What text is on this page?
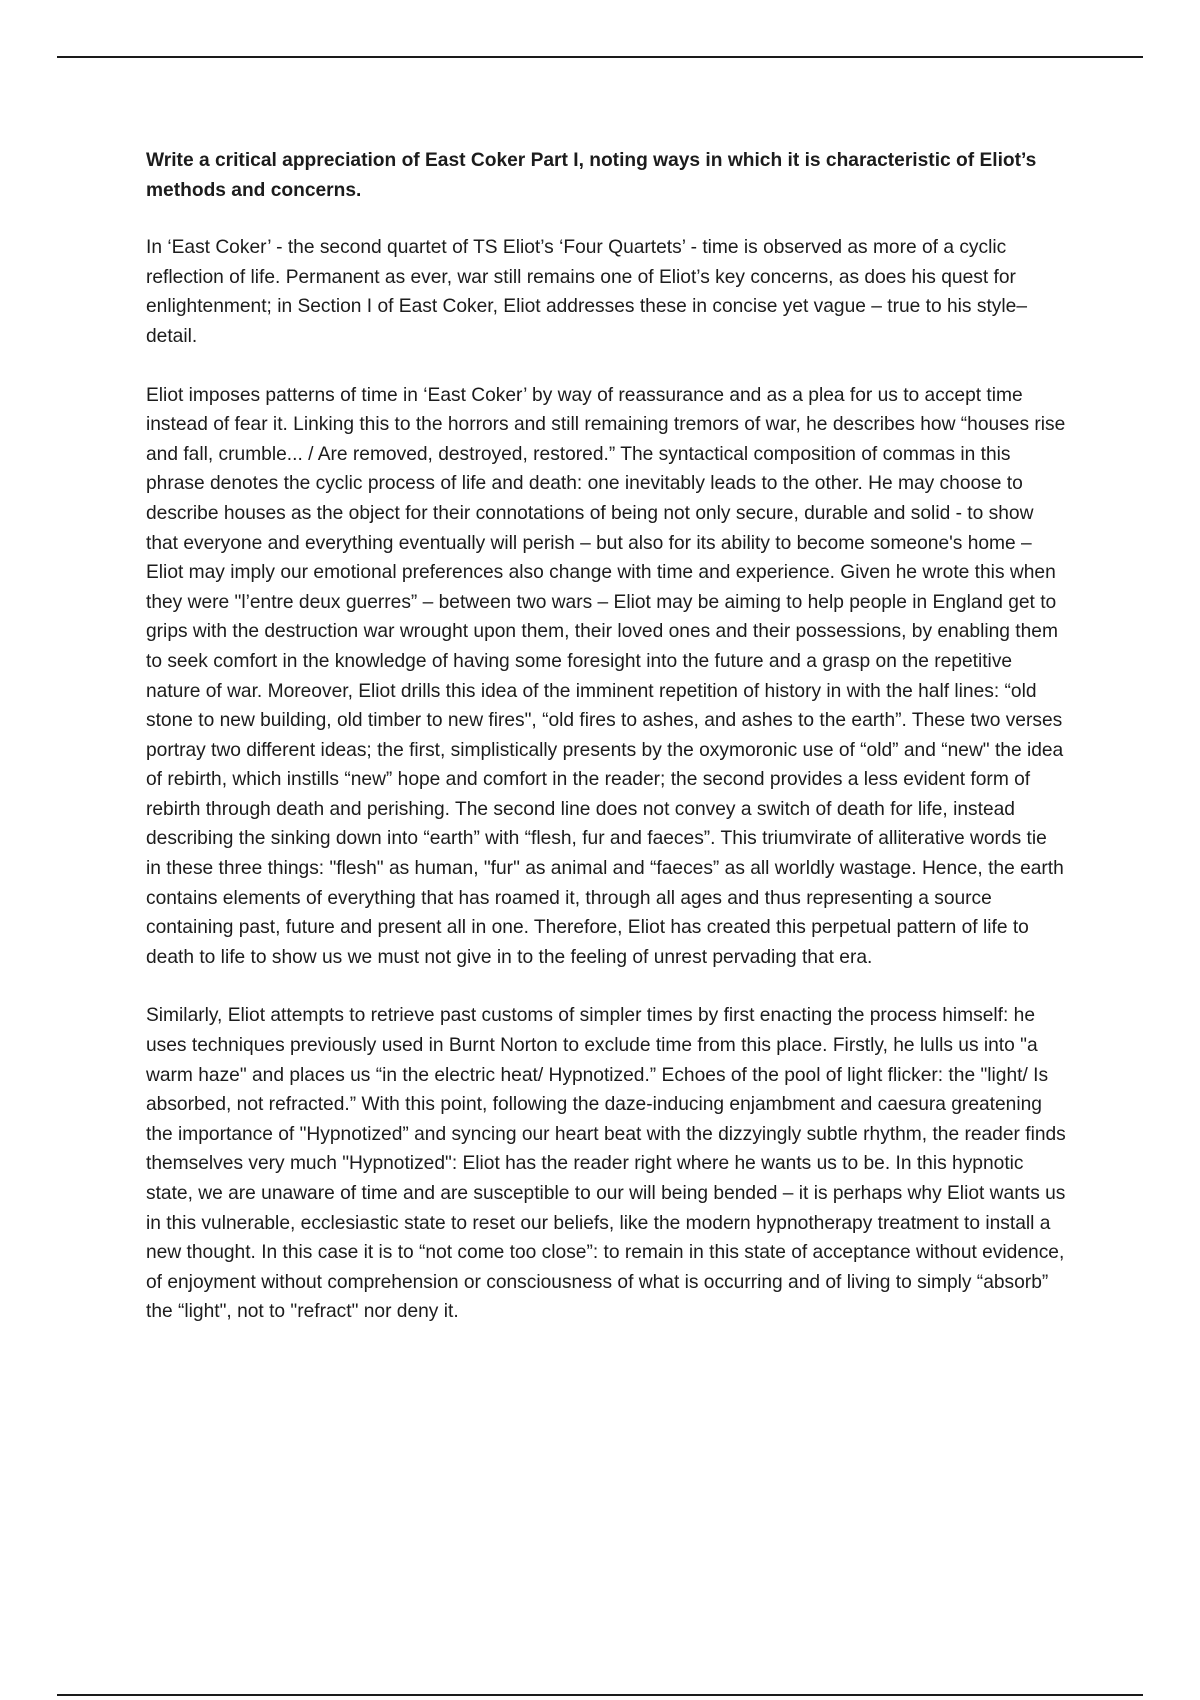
Write a critical appreciation of East Coker Part I, noting ways in which it is characteristic of Eliot’s methods and concerns.

In ‘East Coker’ - the second quartet of TS Eliot’s ‘Four Quartets’ - time is observed as more of a cyclic reflection of life. Permanent as ever, war still remains one of Eliot’s key concerns, as does his quest for enlightenment; in Section I of East Coker, Eliot addresses these in concise yet vague – true to his style– detail.

Eliot imposes patterns of time in ‘East Coker’ by way of reassurance and as a plea for us to accept time instead of fear it. Linking this to the horrors and still remaining tremors of war, he describes how “houses rise and fall, crumble... / Are removed, destroyed, restored.” The syntactical composition of commas in this phrase denotes the cyclic process of life and death: one inevitably leads to the other. He may choose to describe houses as the object for their connotations of being not only secure, durable and solid - to show that everyone and everything eventually will perish – but also for its ability to become someone's home – Eliot may imply our emotional preferences also change with time and experience. Given he wrote this when they were "l’entre deux guerres” – between two wars – Eliot may be aiming to help people in England get to grips with the destruction war wrought upon them, their loved ones and their possessions, by enabling them to seek comfort in the knowledge of having some foresight into the future and a grasp on the repetitive nature of war. Moreover, Eliot drills this idea of the imminent repetition of history in with the half lines: “old stone to new building, old timber to new fires", “old fires to ashes, and ashes to the earth”. These two verses portray two different ideas; the first, simplistically presents by the oxymoronic use of “old” and “new" the idea of rebirth, which instills “new” hope and comfort in the reader; the second provides a less evident form of rebirth through death and perishing. The second line does not convey a switch of death for life, instead describing the sinking down into “earth” with “flesh, fur and faeces”. This triumvirate of alliterative words tie in these three things: "flesh" as human, "fur" as animal and “faeces” as all worldly wastage. Hence, the earth contains elements of everything that has roamed it, through all ages and thus representing a source containing past, future and present all in one. Therefore, Eliot has created this perpetual pattern of life to death to life to show us we must not give in to the feeling of unrest pervading that era.

Similarly, Eliot attempts to retrieve past customs of simpler times by first enacting the process himself: he uses techniques previously used in Burnt Norton to exclude time from this place. Firstly, he lulls us into "a warm haze" and places us “in the electric heat/ Hypnotized.” Echoes of the pool of light flicker: the "light/ Is absorbed, not refracted.” With this point, following the daze-inducing enjambment and caesura greatening the importance of "Hypnotized” and syncing our heart beat with the dizzyingly subtle rhythm, the reader finds themselves very much "Hypnotized": Eliot has the reader right where he wants us to be. In this hypnotic state, we are unaware of time and are susceptible to our will being bended – it is perhaps why Eliot wants us in this vulnerable, ecclesiastic state to reset our beliefs, like the modern hypnotherapy treatment to install a new thought. In this case it is to “not come too close”: to remain in this state of acceptance without evidence, of enjoyment without comprehension or consciousness of what is occurring and of living to simply “absorb” the “light", not to "refract" nor deny it.
